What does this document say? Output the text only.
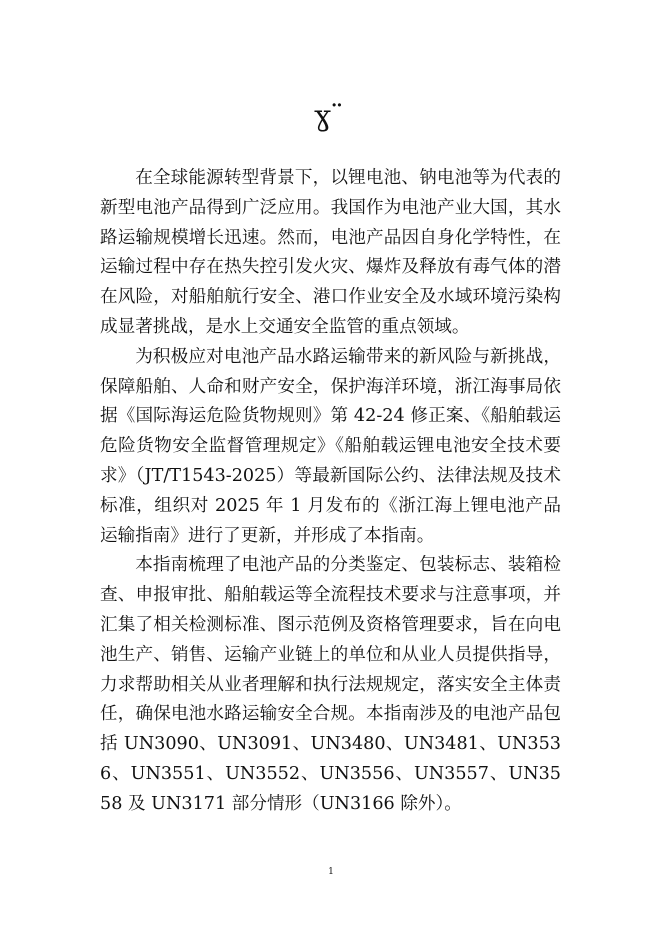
ɣ ̈

在全球能源转型背景下，以锂电池、钠电池等为代表的新型电池产品得到广泛应用。我国作为电池产业大国，其水路运输规模增长迅速。然而，电池产品因自身化学特性，在运输过程中存在热失控引发火灾、爆炸及释放有毒气体的潜在风险，对船舶航行安全、港口作业安全及水域环境污染构成显著挑战，是水上交通安全监管的重点领域。

为积极应对电池产品水路运输带来的新风险与新挑战，保障船舶、人命和财产安全，保护海洋环境，浙江海事局依据《国际海运危险货物规则》第 42-24 修正案、《船舶载运危险货物安全监督管理规定》《船舶载运锂电池安全技术要求》（JT/T1543-2025）等最新国际公约、法律法规及技术标准，组织对 2025 年 1 月发布的《浙江海上锂电池产品运输指南》进行了更新，并形成了本指南。

本指南梳理了电池产品的分类鉴定、包装标志、装箱检查、申报审批、船舶载运等全流程技术要求与注意事项，并汇集了相关检测标准、图示范例及资格管理要求，旨在向电池生产、销售、运输产业链上的单位和从业人员提供指导，力求帮助相关从业者理解和执行法规规定，落实安全主体责任，确保电池水路运输安全合规。本指南涉及的电池产品包括 UN3090、UN3091、UN3480、UN3481、UN3536、UN3551、UN3552、UN3556、UN3557、UN3558 及 UN3171 部分情形（UN3166 除外）。

1
